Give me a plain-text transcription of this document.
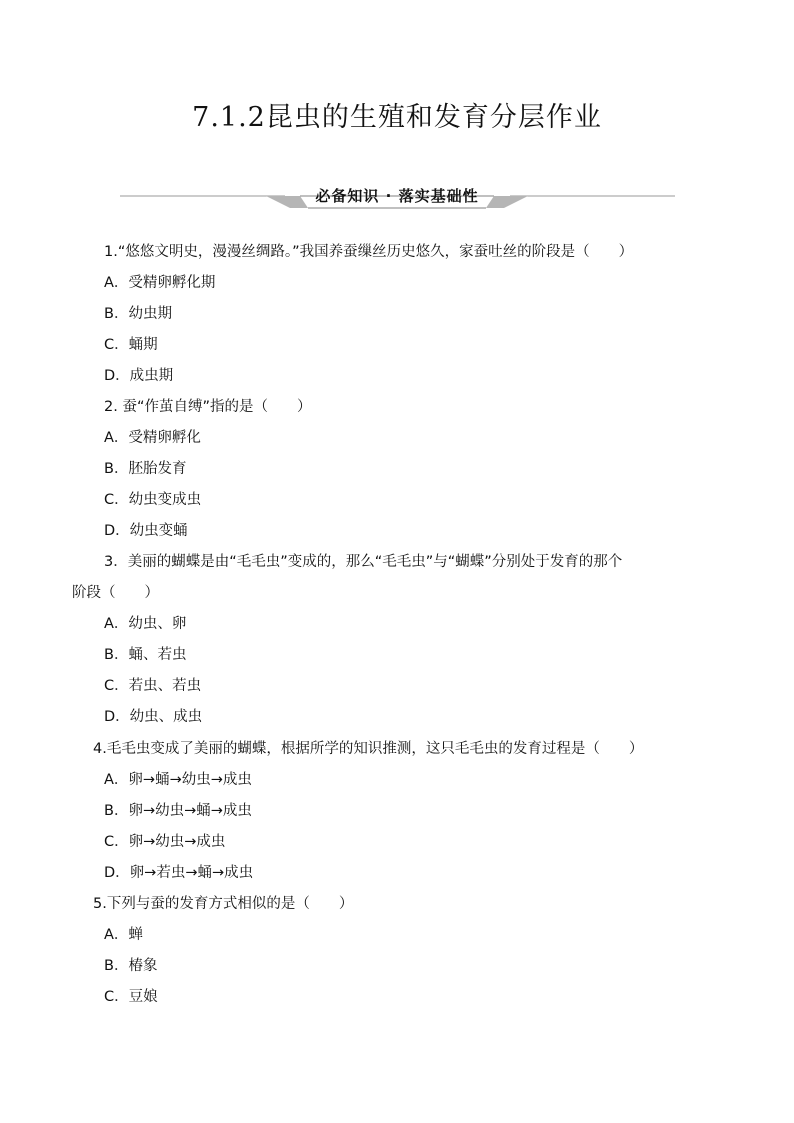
7.1.2昆虫的生殖和发育分层作业
必备知识 · 落实基础性

1.“悠悠文明史，漫漫丝绸路。”我国养蚕缫丝历史悠久，家蚕吐丝的阶段是（　　）

A．受精卵孵化期

B．幼虫期

C．蛹期

D．成虫期

2. 蚕“作茧自缚”指的是（　　）

A．受精卵孵化

B．胚胎发育

C．幼虫变成虫

D．幼虫变蛹

3．美丽的蝴蝶是由“毛毛虫”变成的，那么“毛毛虫”与“蝴蝶”分别处于发育的那个

阶段（　　）

A．幼虫、卵

B．蛹、若虫

C．若虫、若虫

D．幼虫、成虫

4.毛毛虫变成了美丽的蝴蝶，根据所学的知识推测，这只毛毛虫的发育过程是（　　）

A．卵→蛹→幼虫→成虫

B．卵→幼虫→蛹→成虫

C．卵→幼虫→成虫

D．卵→若虫→蛹→成虫

5.下列与蚕的发育方式相似的是（　　）

A．蝉

B．椿象

C．豆娘
